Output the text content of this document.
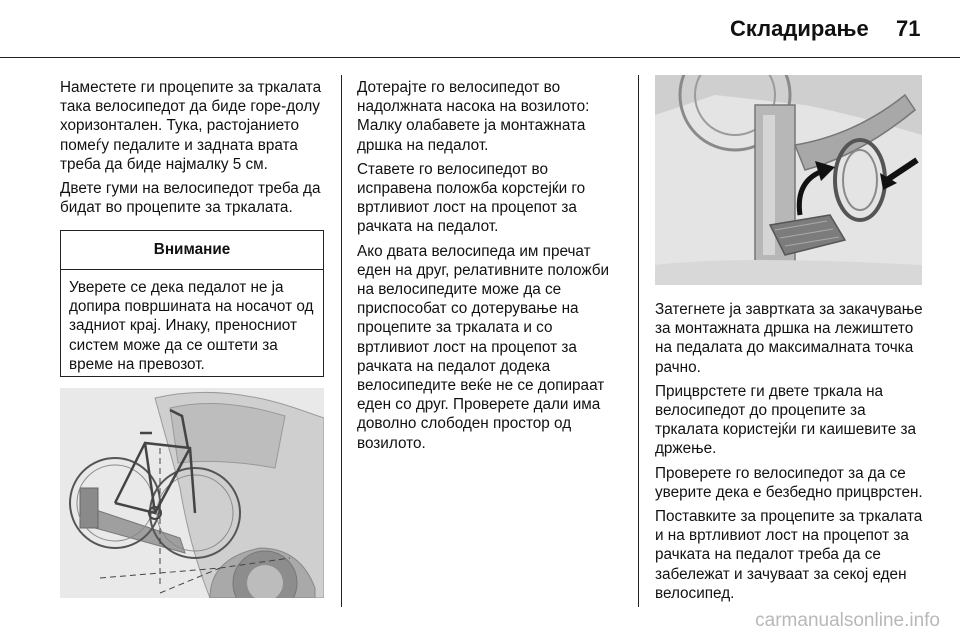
Складирање 71

Наместете ги процепите за тркалата така велосипедот да биде горе-долу хоризонтален. Тука, растојанието помеѓу педалите и задната врата треба да биде најмалку 5 cм.

Двете гуми на велосипедот треба да бидат во процепите за тркалата.

Внимание
Уверете се дека педалот не ја допира површината на носачот од задниот крај. Инаку, преносниот систем може да се оштети за време на превозот.

Дотерајте го велосипедот во надолжната насока на возилото: Малку олабавете ја монтажната дршка на педалот.

Ставете го велосипедот во исправена положба корстејќи го вртливиот лост на процепот за рачката на педалот.

Ако двата велосипеда им пречат еден на друг, релативните положби на велосипедите може да се приспособат со дотерување на процепите за тркалата и со вртливиот лост на процепот за рачката на педалот додека велосипедите веќе не се допираат еден со друг. Проверете дали има доволно слободен простор од возилото.

Затегнете ја завртката за закачување за монтажната дршка на лежиштето на педалата до максималната точка рачно.

Прицврстете ги двете тркала на велосипедот до процепите за тркалата користејќи ги каишевите за држење.

Проверете го велосипедот за да се уверите дека е безбедно прицврстен.

Поставките за процепите за тркалата и на вртливиот лост на процепот за рачката на педалот треба да се забележат и зачуваат за секој еден велосипед.

carmanualsonline.info
